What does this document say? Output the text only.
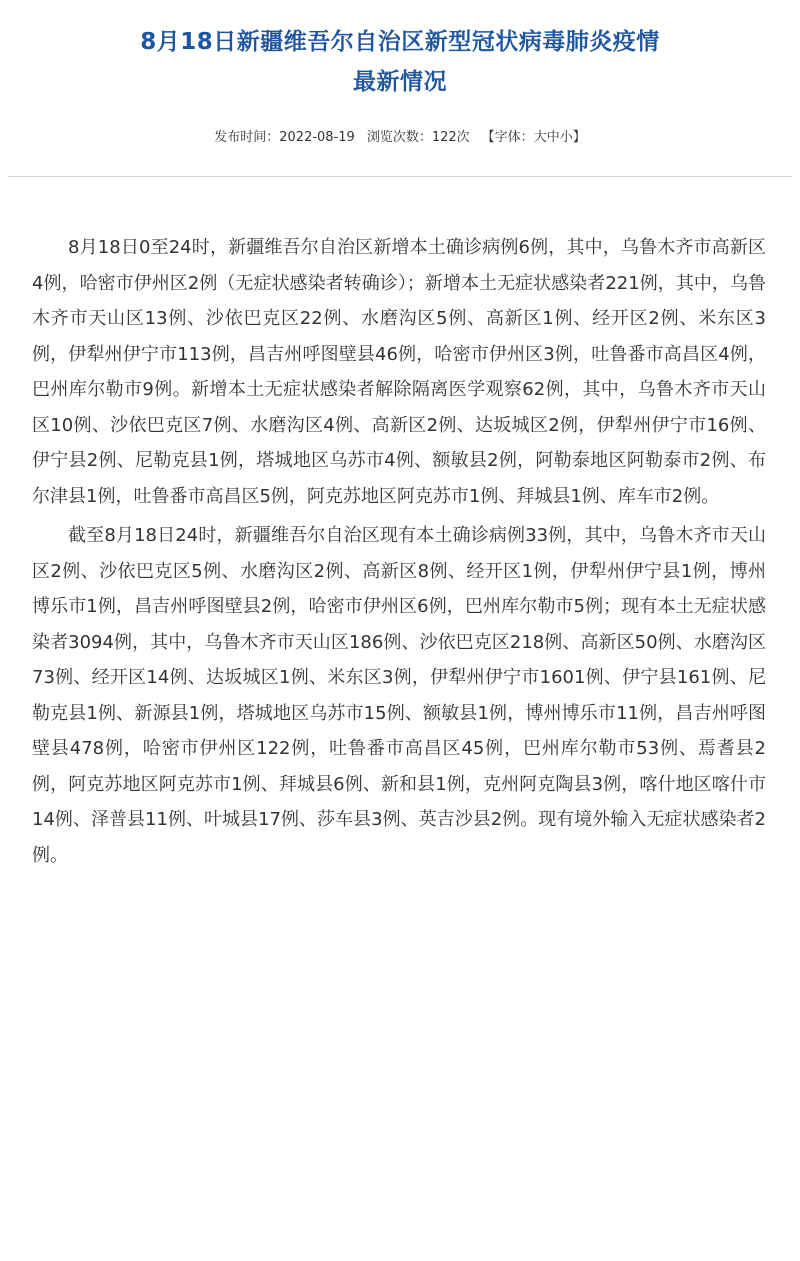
8月18日新疆维吾尔自治区新型冠状病毒肺炎疫情
最新情况
发布时间：2022-08-19 浏览次数：122次 【字体：大中小】

8月18日0至24时，新疆维吾尔自治区新增本土确诊病例6例，其中，乌鲁木齐市高新区4例，哈密市伊州区2例（无症状感染者转确诊）；新增本土无症状感染者221例，其中，乌鲁木齐市天山区13例、沙依巴克区22例、水磨沟区5例、高新区1例、经开区2例、米东区3例，伊犁州伊宁市113例，昌吉州呼图壁县46例，哈密市伊州区3例，吐鲁番市高昌区4例，巴州库尔勒市9例。新增本土无症状感染者解除隔离医学观察62例，其中，乌鲁木齐市天山区10例、沙依巴克区7例、水磨沟区4例、高新区2例、达坂城区2例，伊犁州伊宁市16例、伊宁县2例、尼勒克县1例，塔城地区乌苏市4例、额敏县2例，阿勒泰地区阿勒泰市2例、布尔津县1例，吐鲁番市高昌区5例，阿克苏地区阿克苏市1例、拜城县1例、库车市2例。

截至8月18日24时，新疆维吾尔自治区现有本土确诊病例33例，其中，乌鲁木齐市天山区2例、沙依巴克区5例、水磨沟区2例、高新区8例、经开区1例，伊犁州伊宁县1例，博州博乐市1例，昌吉州呼图壁县2例，哈密市伊州区6例，巴州库尔勒市5例；现有本土无症状感染者3094例，其中，乌鲁木齐市天山区186例、沙依巴克区218例、高新区50例、水磨沟区73例、经开区14例、达坂城区1例、米东区3例，伊犁州伊宁市1601例、伊宁县161例、尼勒克县1例、新源县1例，塔城地区乌苏市15例、额敏县1例，博州博乐市11例，昌吉州呼图壁县478例，哈密市伊州区122例，吐鲁番市高昌区45例，巴州库尔勒市53例、焉耆县2例，阿克苏地区阿克苏市1例、拜城县6例、新和县1例，克州阿克陶县3例，喀什地区喀什市14例、泽普县11例、叶城县17例、莎车县3例、英吉沙县2例。现有境外输入无症状感染者2例。
